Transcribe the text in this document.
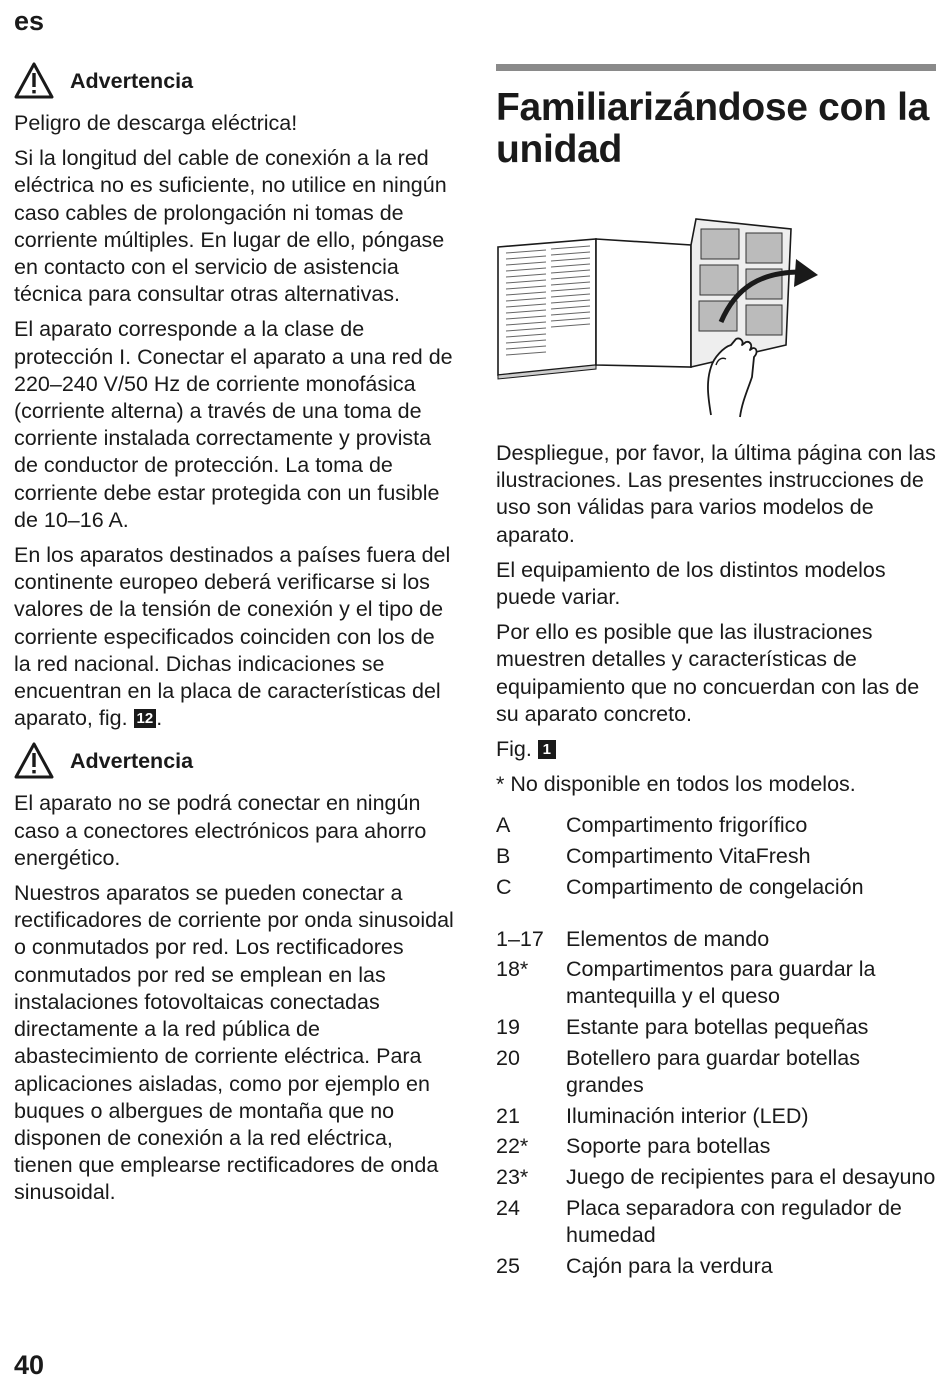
es
Advertencia

Peligro de descarga eléctrica!

Si la longitud del cable de conexión a la red eléctrica no es suficiente, no utilice en ningún caso cables de prolongación ni tomas de corriente múltiples. En lugar de ello, póngase en contacto con el servicio de asistencia técnica para consultar otras alternativas.

El aparato corresponde a la clase de protección I. Conectar el aparato a una red de 220–240 V/50 Hz de corriente monofásica (corriente alterna) a través de una toma de corriente instalada correctamente y provista de conductor de protección. La toma de corriente debe estar protegida con un fusible de 10–16 A.

En los aparatos destinados a países fuera del continente europeo deberá verificarse si los valores de la tensión de conexión y el tipo de corriente especificados coinciden con los de la red nacional. Dichas indicaciones se encuentran en la placa de características del aparato, fig. 12 .

Advertencia

El aparato no se podrá conectar en ningún caso a conectores electrónicos para ahorro energético.

Nuestros aparatos se pueden conectar a rectificadores de corriente por onda sinusoidal o conmutados por red. Los rectificadores conmutados por red se emplean en las instalaciones fotovoltaicas conectadas directamente a la red pública de abastecimiento de corriente eléctrica. Para aplicaciones aisladas, como por ejemplo en buques o albergues de montaña que no disponen de conexión a la red eléctrica, tienen que emplearse rectificadores de onda sinusoidal.

Familiarizándose con la unidad

Despliegue, por favor, la última página con las ilustraciones. Las presentes instrucciones de uso son válidas para varios modelos de aparato.

El equipamiento de los distintos modelos puede variar.

Por ello es posible que las ilustraciones muestren detalles y características de equipamiento que no concuerdan con las de su aparato concreto.

Fig. 1

* No disponible en todos los modelos.

A	Compartimento frigorífico
B	Compartimento VitaFresh
C	Compartimento de congelación
1–17	Elementos de mando
18*	Compartimentos para guardar la mantequilla y el queso
19	Estante para botellas pequeñas
20	Botellero para guardar botellas grandes
21	Iluminación interior (LED)
22*	Soporte para botellas
23*	Juego de recipientes para el desayuno
24	Placa separadora con regulador de humedad
25	Cajón para la verdura
40
